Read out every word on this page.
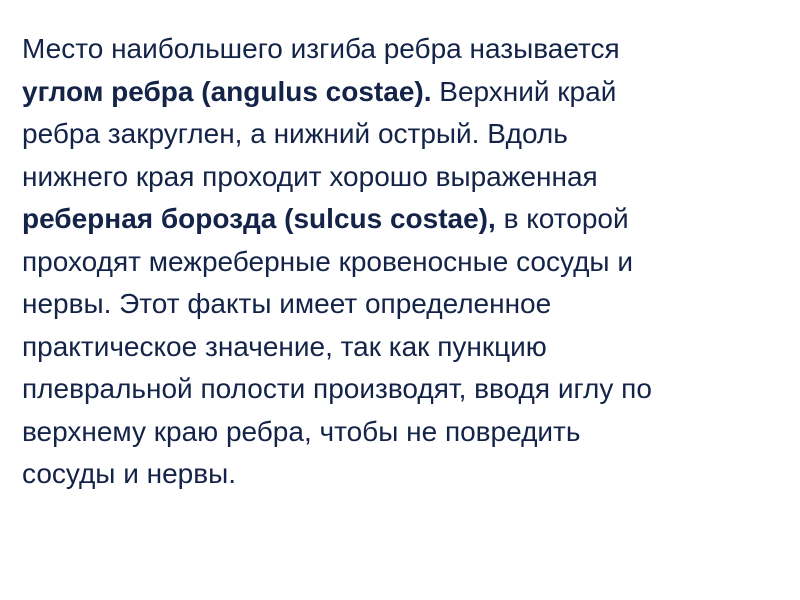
Место наибольшего изгиба ребра называется
углом ребра (angulus costae). Верхний край
ребра закруглен, а нижний острый. Вдоль
нижнего края проходит хорошо выраженная
реберная борозда (sulcus costae), в которой
проходят межреберные кровеносные сосуды и
нервы. Этот факты имеет определенное
практическое значение, так как пункцию
плевральной полости производят, вводя иглу по
верхнему краю ребра, чтобы не повредить
сосуды и нервы.
